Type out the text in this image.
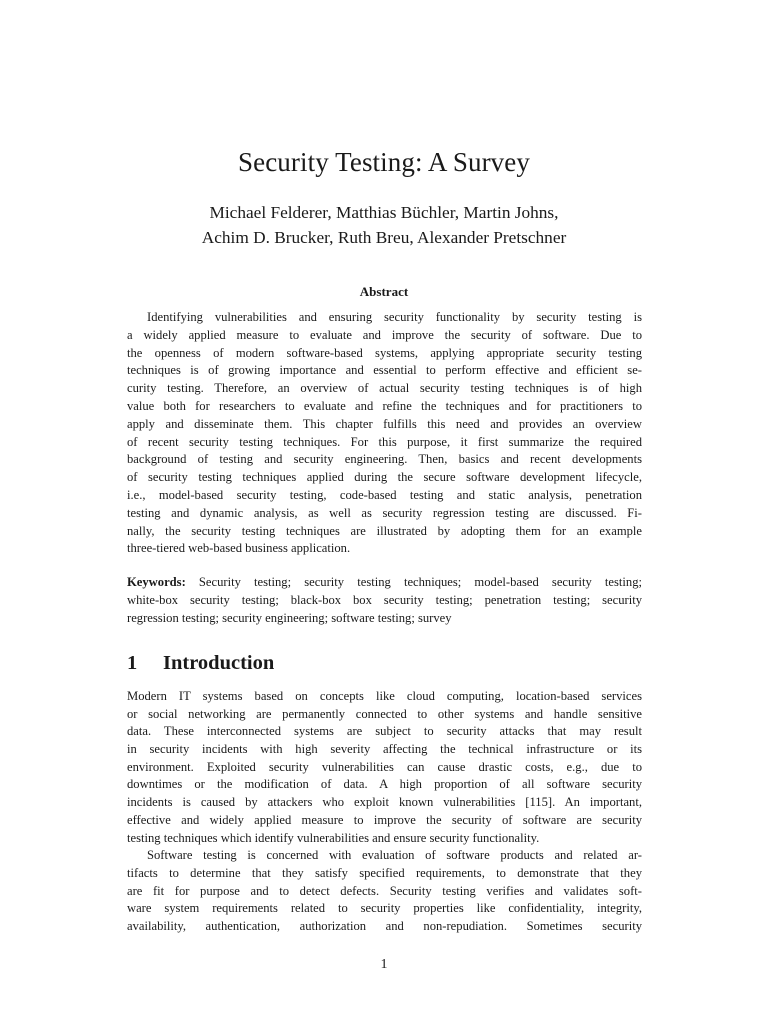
Security Testing: A Survey
Michael Felderer, Matthias Büchler, Martin Johns,
Achim D. Brucker, Ruth Breu, Alexander Pretschner
Abstract
Identifying vulnerabilities and ensuring security functionality by security testing is
a widely applied measure to evaluate and improve the security of software. Due to
the openness of modern software-based systems, applying appropriate security testing
techniques is of growing importance and essential to perform effective and efficient se-
curity testing. Therefore, an overview of actual security testing techniques is of high
value both for researchers to evaluate and refine the techniques and for practitioners to
apply and disseminate them. This chapter fulfills this need and provides an overview
of recent security testing techniques. For this purpose, it first summarize the required
background of testing and security engineering. Then, basics and recent developments
of security testing techniques applied during the secure software development lifecycle,
i.e., model-based security testing, code-based testing and static analysis, penetration
testing and dynamic analysis, as well as security regression testing are discussed. Fi-
nally, the security testing techniques are illustrated by adopting them for an example
three-tiered web-based business application.
Keywords: Security testing; security testing techniques; model-based security testing;
white-box security testing; black-box box security testing; penetration testing; security
regression testing; security engineering; software testing; survey
1 Introduction
Modern IT systems based on concepts like cloud computing, location-based services
or social networking are permanently connected to other systems and handle sensitive
data. These interconnected systems are subject to security attacks that may result
in security incidents with high severity affecting the technical infrastructure or its
environment. Exploited security vulnerabilities can cause drastic costs, e.g., due to
downtimes or the modification of data. A high proportion of all software security
incidents is caused by attackers who exploit known vulnerabilities [115]. An important,
effective and widely applied measure to improve the security of software are security
testing techniques which identify vulnerabilities and ensure security functionality.
Software testing is concerned with evaluation of software products and related ar-
tifacts to determine that they satisfy specified requirements, to demonstrate that they
are fit for purpose and to detect defects. Security testing verifies and validates soft-
ware system requirements related to security properties like confidentiality, integrity,
availability, authentication, authorization and non-repudiation. Sometimes security
1
